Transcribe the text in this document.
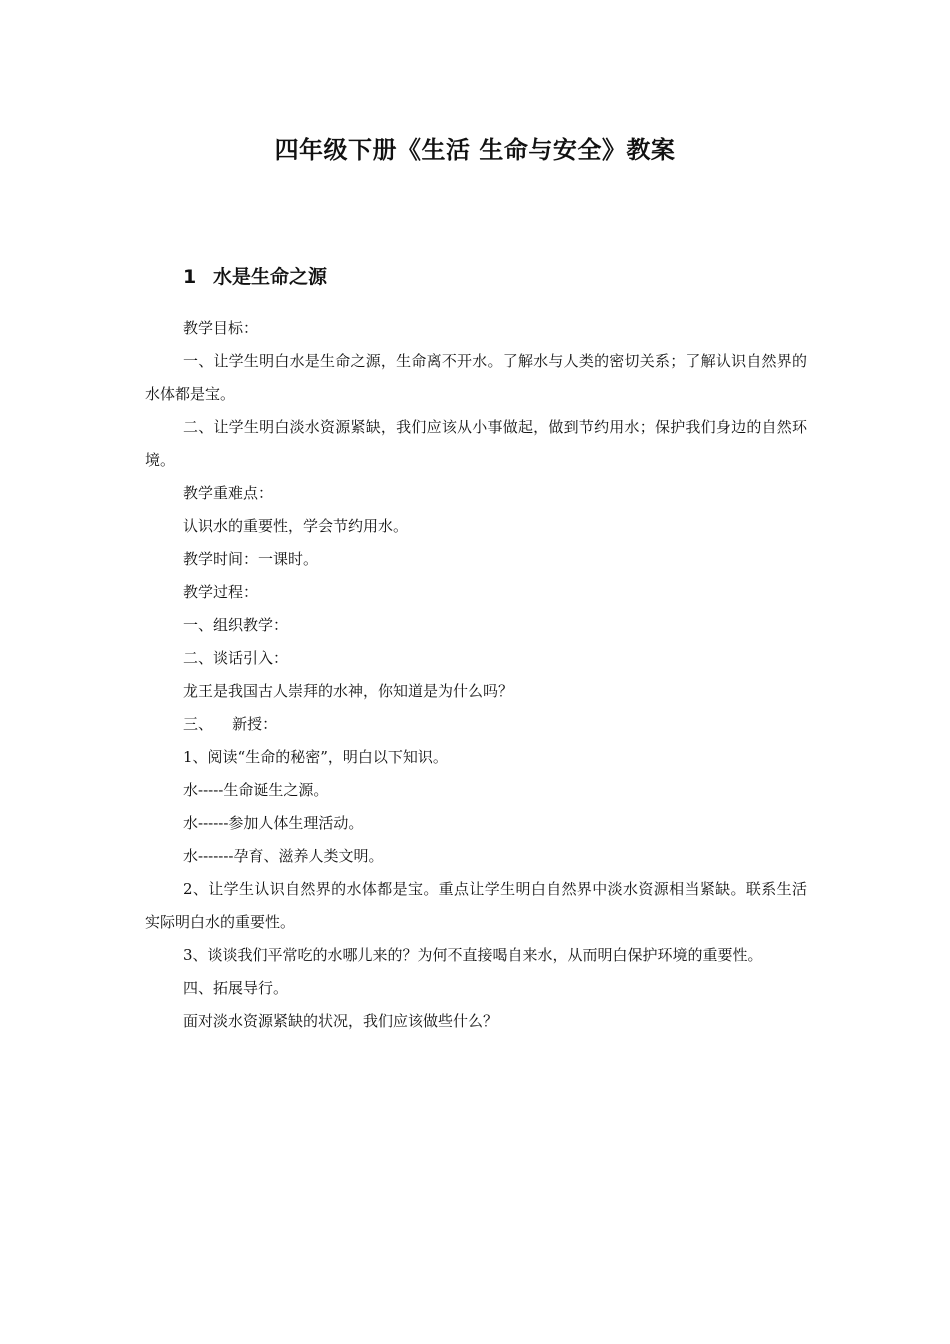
四年级下册《生活 生命与安全》教案
1 水是生命之源

教学目标：

一、让学生明白水是生命之源，生命离不开水。了解水与人类的密切关系；了解认识自然界的水体都是宝。

二、让学生明白淡水资源紧缺，我们应该从小事做起，做到节约用水；保护我们身边的自然环境。

教学重难点：

认识水的重要性，学会节约用水。

教学时间：一课时。

教学过程：

一、组织教学：

二、谈话引入：

龙王是我国古人崇拜的水神，你知道是为什么吗？

三、    新授：

1、阅读“生命的秘密”，明白以下知识。

水-----生命诞生之源。

水------参加人体生理活动。

水-------孕育、滋养人类文明。

2、让学生认识自然界的水体都是宝。重点让学生明白自然界中淡水资源相当紧缺。联系生活实际明白水的重要性。

3、谈谈我们平常吃的水哪儿来的？为何不直接喝自来水，从而明白保护环境的重要性。

四、拓展导行。

面对淡水资源紧缺的状况，我们应该做些什么？
